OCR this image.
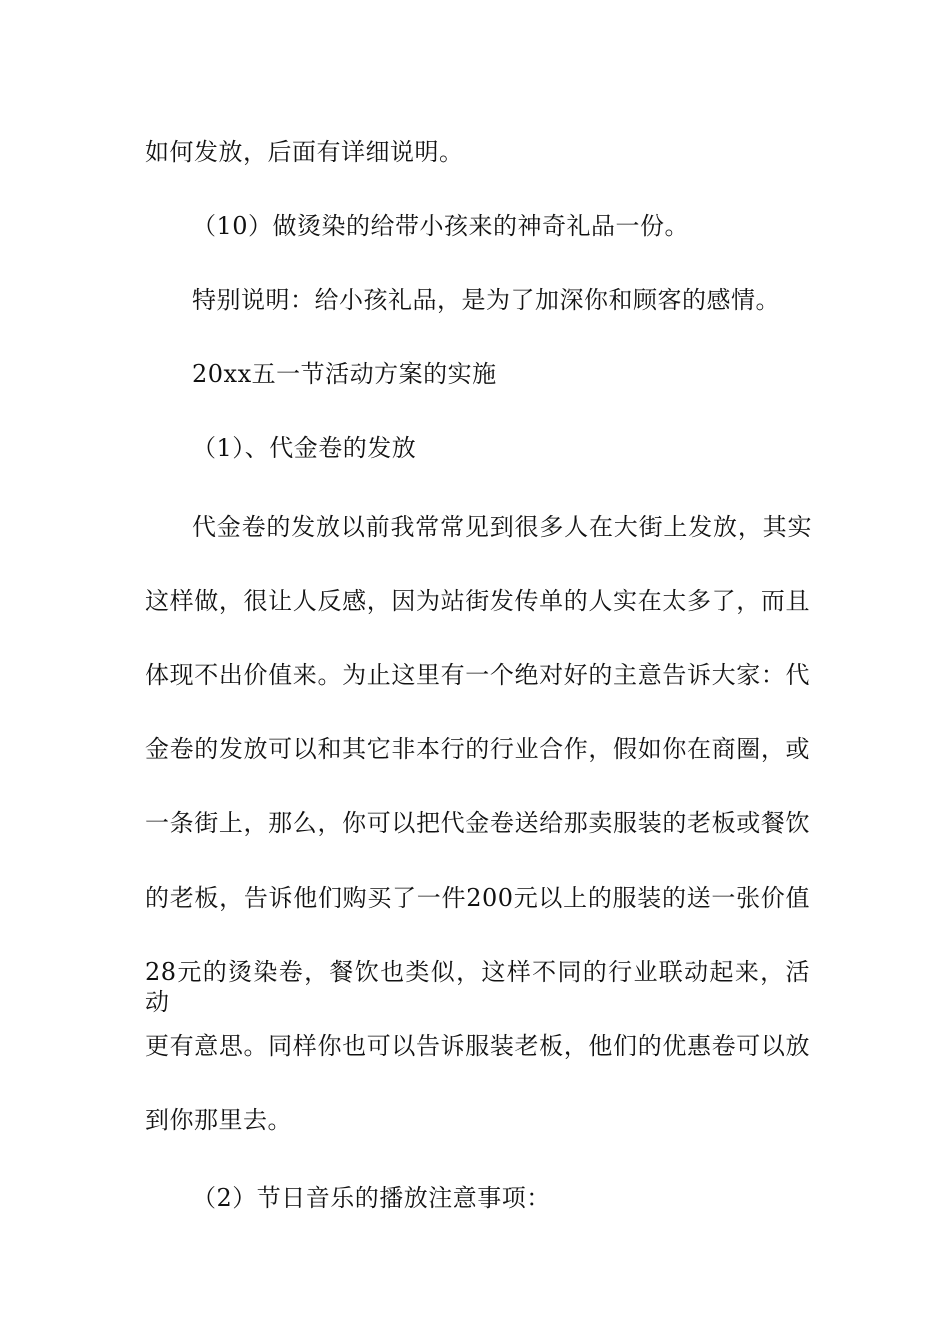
如何发放，后面有详细说明。
（10）做烫染的给带小孩来的神奇礼品一份。
特别说明：给小孩礼品，是为了加深你和顾客的感情。
20xx五一节活动方案的实施
（1）、代金卷的发放
代金卷的发放以前我常常见到很多人在大街上发放，其实
这样做，很让人反感，因为站街发传单的人实在太多了，而且
体现不出价值来。为止这里有一个绝对好的主意告诉大家：代
金卷的发放可以和其它非本行的行业合作，假如你在商圈，或
一条街上，那么，你可以把代金卷送给那卖服装的老板或餐饮
的老板，告诉他们购买了一件200元以上的服装的送一张价值
28元的烫染卷，餐饮也类似，这样不同的行业联动起来，活动
更有意思。同样你也可以告诉服装老板，他们的优惠卷可以放
到你那里去。
（2）节日音乐的播放注意事项：
